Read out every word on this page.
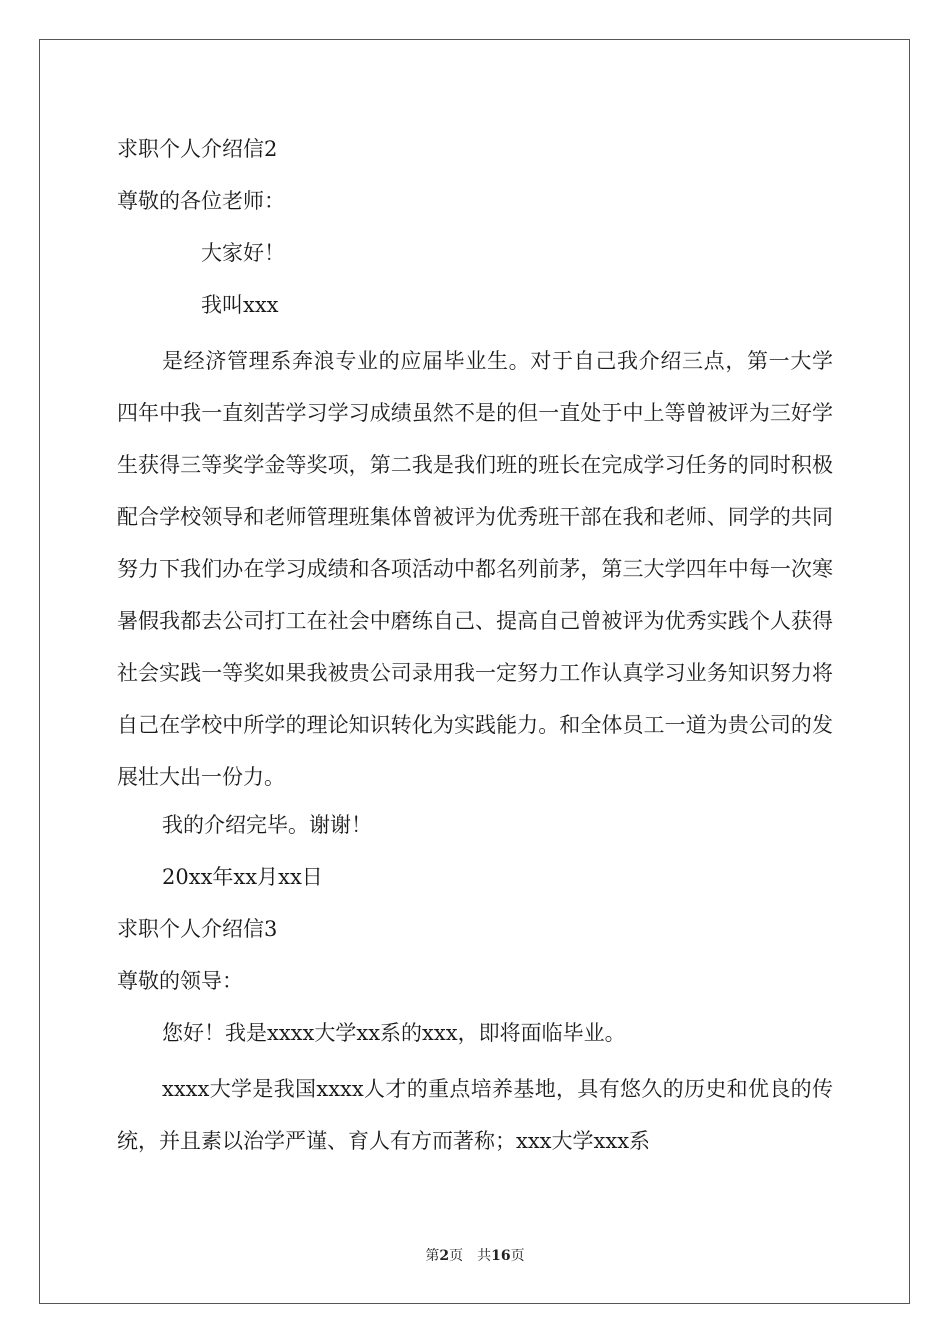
求职个人介绍信2
尊敬的各位老师：
大家好！
我叫xxx
是经济管理系奔浪专业的应届毕业生。对于自己我介绍三点，第一大学四年中我一直刻苦学习学习成绩虽然不是的但一直处于中上等曾被评为三好学生获得三等奖学金等奖项，第二我是我们班的班长在完成学习任务的同时积极配合学校领导和老师管理班集体曾被评为优秀班干部在我和老师、同学的共同努力下我们办在学习成绩和各项活动中都名列前茅，第三大学四年中每一次寒暑假我都去公司打工在社会中磨练自己、提高自己曾被评为优秀实践个人获得社会实践一等奖如果我被贵公司录用我一定努力工作认真学习业务知识努力将自己在学校中所学的理论知识转化为实践能力。和全体员工一道为贵公司的发展壮大出一份力。
我的介绍完毕。谢谢！
20xx年xx月xx日
求职个人介绍信3
尊敬的领导：
您好！我是xxxx大学xx系的xxx，即将面临毕业。
xxxx大学是我国xxxx人才的重点培养基地，具有悠久的历史和优良的传统，并且素以治学严谨、育人有方而著称；xxx大学xxx系
第2页　共16页
